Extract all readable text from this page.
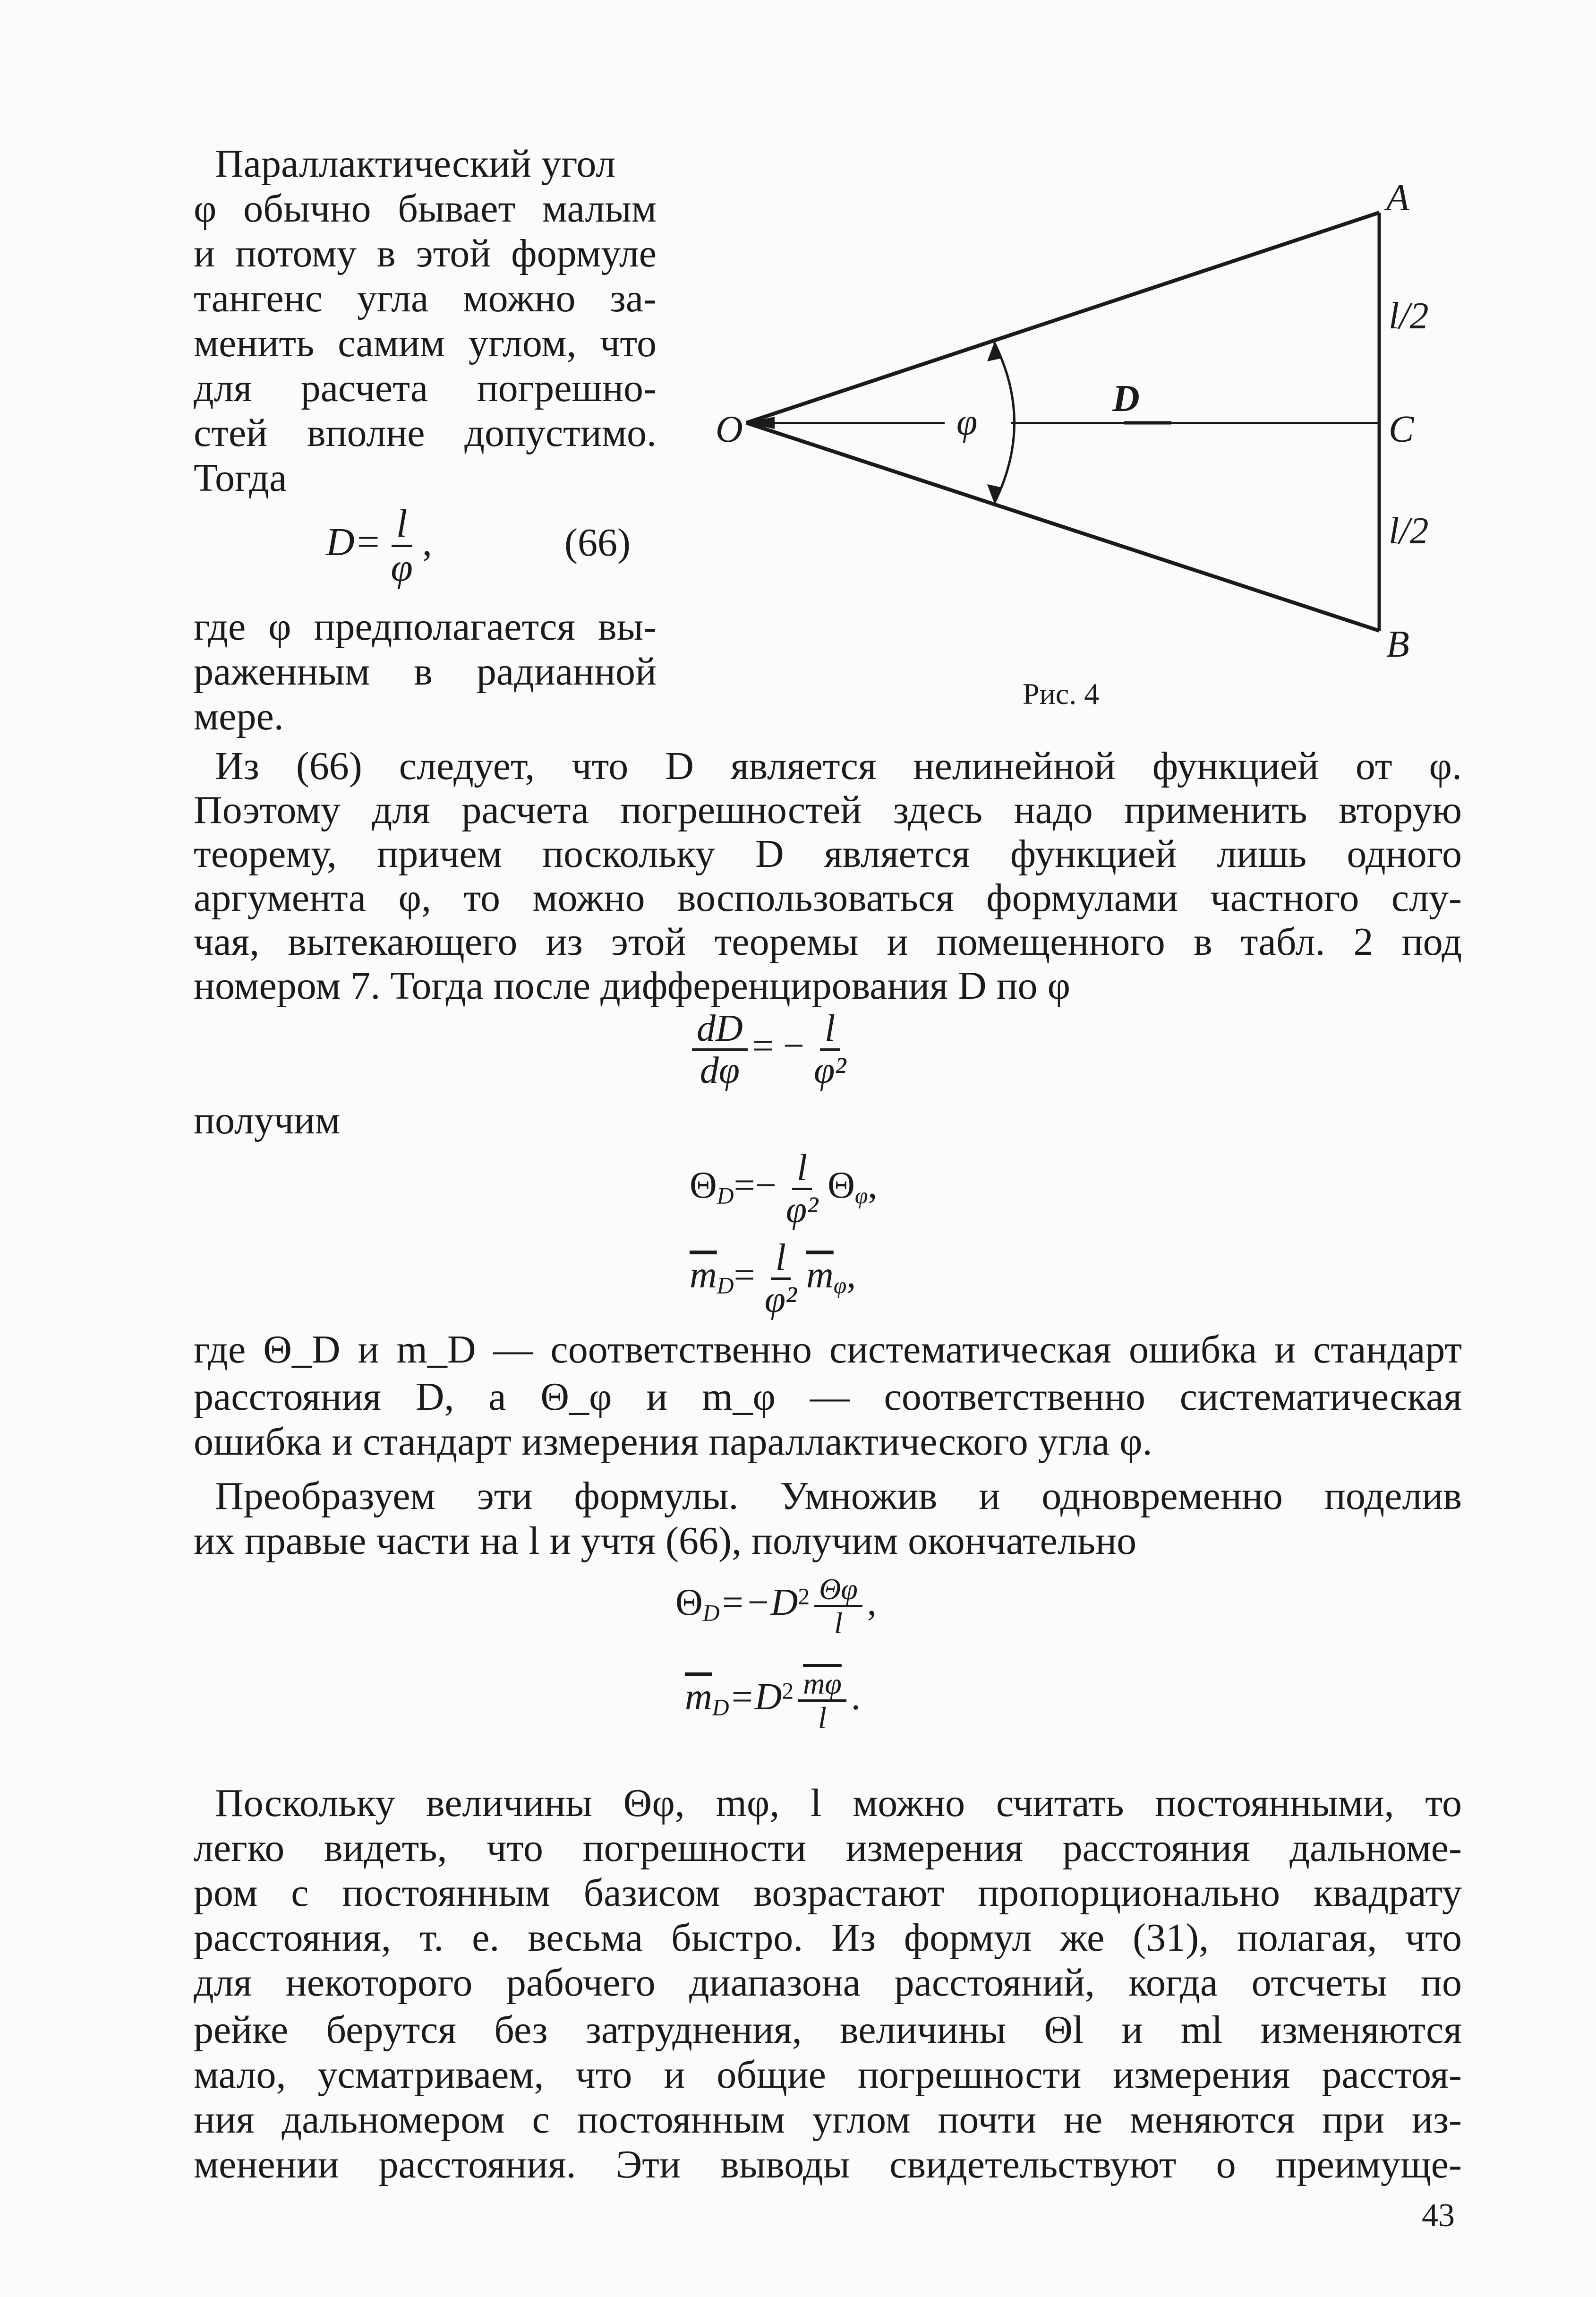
Параллактический угол
φ обычно бывает малым
и потому в этой формуле
тангенс угла можно за-
менить самим углом, что
для расчета погрешно-
стей вполне допустимо.
Тогда
$D= \frac{l}{\varphi}$ ,	(66)
где φ предполагается вы-
раженным в радианной
мере.
O	φ
D
A
l/2
C
l/2
B
Рис. 4
Из (66) следует, что D является нелинейной функцией от φ.
Поэтому для расчета погрешностей здесь надо применить вторую
теорему, причем поскольку D является функцией лишь одного
аргумента φ, то можно воспользоваться формулами частного слу-
чая, вытекающего из этой теоремы и помещенного в табл. 2 под
номером 7. Тогда после дифференцирования D по φ
$\frac{dD}{d\varphi}$ = − $\frac{l}{\text{φ²}}$
получим
$\Theta_D=- \frac{l}{\text{φ²}} \Theta_\varphi$,
$\overline{m}_D= \frac{l}{\text{φ²}} \overline{m}_\varphi$,
где Θ_D и m_D — соответственно систематическая ошибка и стандарт
расстояния D, а Θ_φ и m_φ — соответственно систематическая
ошибка и стандарт измерения параллактического угла φ.
Преобразуем эти формулы. Умножив и одновременно поделив
их правые части на l и учтя (66), получим окончательно
$\Theta_D=-D^2 \frac{\Theta\varphi}{l}$ ,
$\overline{m}_D=D^2 \frac{\overline{m\varphi}}{l}$ .
Поскольку величины Θφ, mφ, l можно считать постоянными, то
легко видеть, что погрешности измерения расстояния дальноме-
ром с постоянным базисом возрастают пропорционально квадрату
расстояния, т. е. весьма быстро. Из формул же (31), полагая, что
для некоторого рабочего диапазона расстояний, когда отсчеты по
рейке берутся без затруднения, величины Θl и ml изменяются
мало, усматриваем, что и общие погрешности измерения расстоя-
ния дальномером с постоянным углом почти не меняются при из-
менении расстояния. Эти выводы свидетельствуют о преимуще-
43
